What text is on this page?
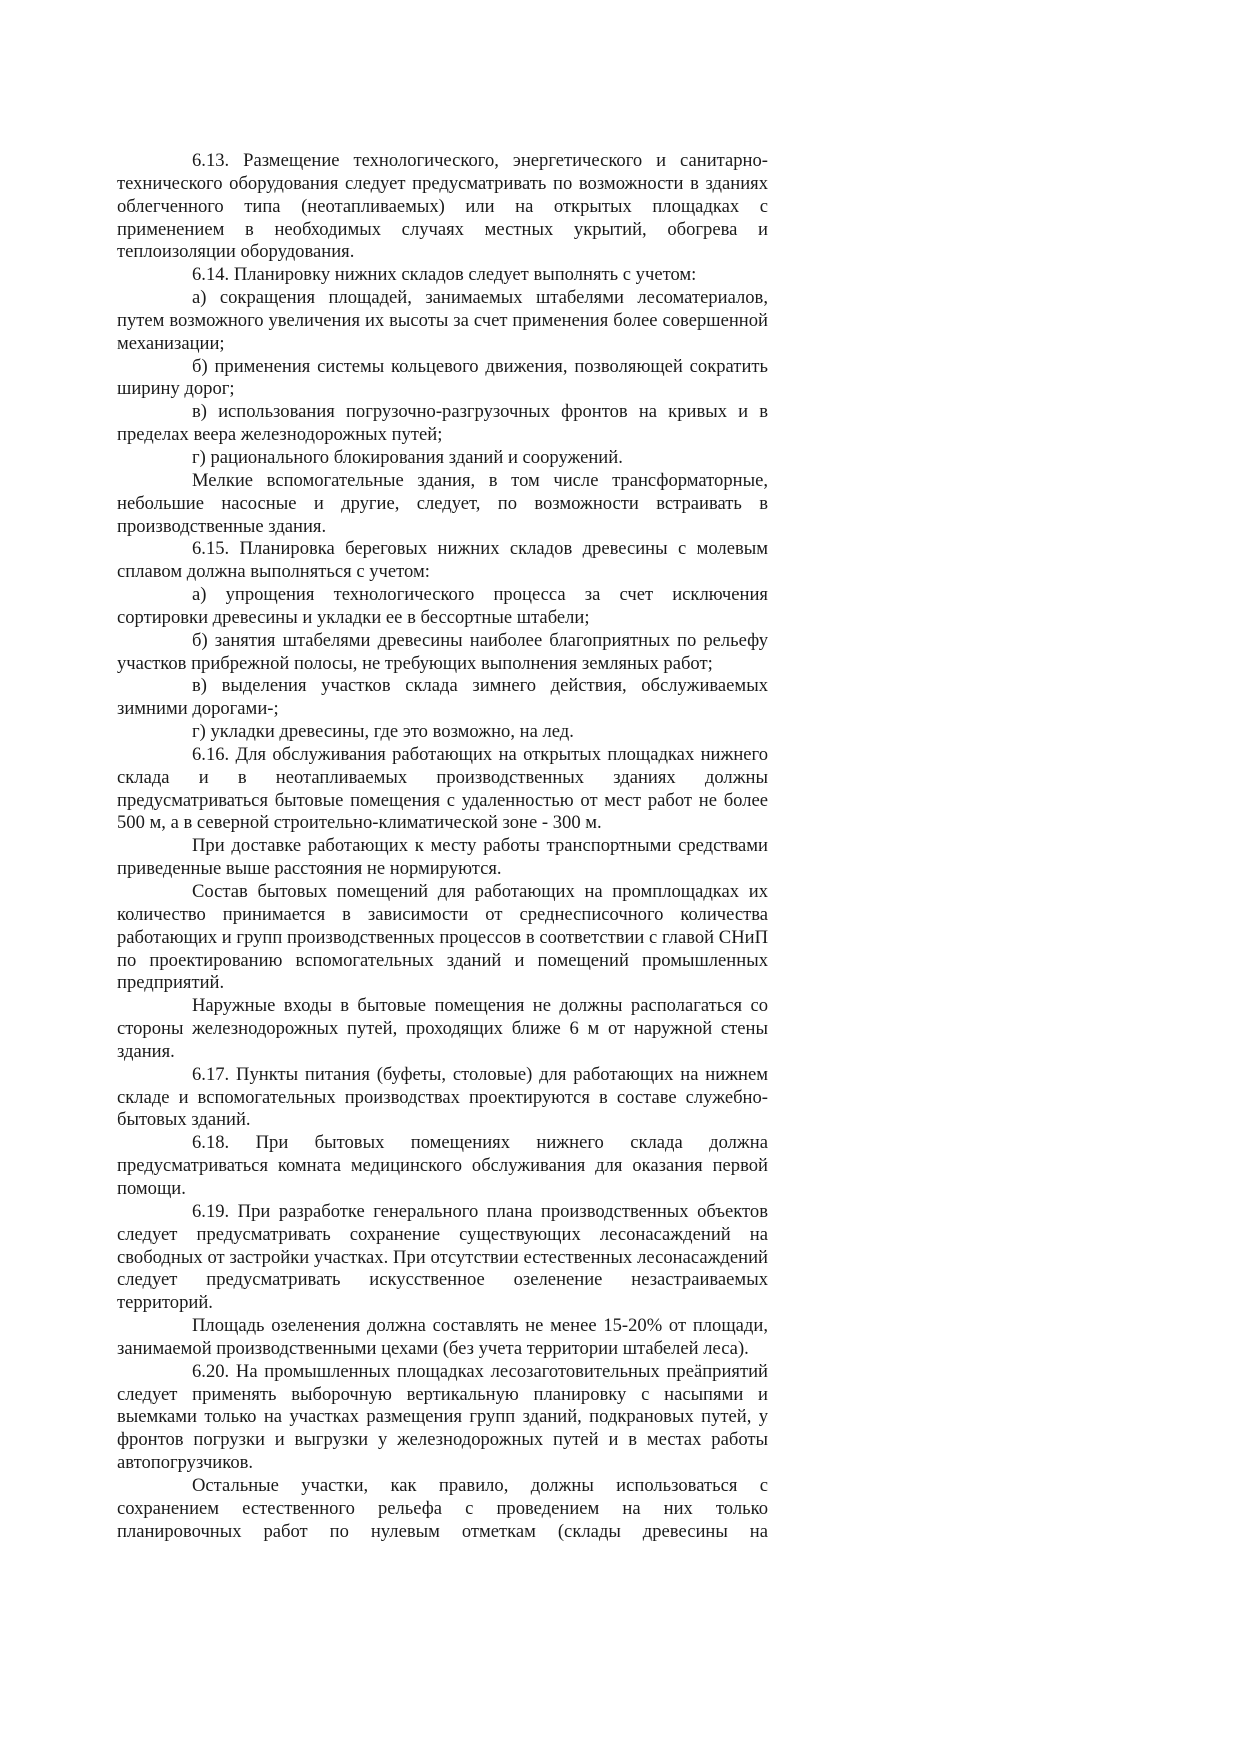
6.13. Размещение технологического, энергетического и санитарно-технического оборудования следует предусматривать по возможности в зданиях облегченного типа (неотапливаемых) или на открытых площадках с применением в необходимых случаях местных укрытий, обогрева и теплоизоляции оборудования.

6.14. Планировку нижних складов следует выполнять с учетом:

а) сокращения площадей, занимаемых штабелями лесоматериалов, путем возможного увеличения их высоты за счет применения более совершенной механизации;

б) применения системы кольцевого движения, позволяющей сократить ширину дорог;

в) использования погрузочно-разгрузочных фронтов на кривых и в пределах веера железнодорожных путей;

г) рационального блокирования зданий и сооружений.

Мелкие вспомогательные здания, в том числе трансформаторные, небольшие насосные и другие, следует, по возможности встраивать в производственные здания.

6.15. Планировка береговых нижних складов древесины с молевым сплавом должна выполняться с учетом:

а) упрощения технологического процесса за счет исключения сортировки древесины и укладки ее в бессортные штабели;

б) занятия штабелями древесины наиболее благоприятных по рельефу участков прибрежной полосы, не требующих выполнения земляных работ;

в) выделения участков склада зимнего действия, обслуживаемых зимними дорогами-;

г) укладки древесины, где это возможно, на лед.

6.16. Для обслуживания работающих на открытых площадках нижнего склада и в неотапливаемых производственных зданиях должны предусматриваться бытовые помещения с удаленностью от мест работ не более 500 м, а в северной строительно-климатической зоне - 300 м.

При доставке работающих к месту работы транспортными средствами приведенные выше расстояния не нормируются.

Состав бытовых помещений для работающих на промплощадках их количество принимается в зависимости от среднесписочного количества работающих и групп производственных процессов в соответствии с главой СНиП по проектированию вспомогательных зданий и помещений промышленных предприятий.

Наружные входы в бытовые помещения не должны располагаться со стороны железнодорожных путей, проходящих ближе 6 м от наружной стены здания.

6.17. Пункты питания (буфеты, столовые) для работающих на нижнем складе и вспомогательных производствах проектируются в составе служебно-бытовых зданий.

6.18. При бытовых помещениях нижнего склада должна предусматриваться комната медицинского обслуживания для оказания первой помощи.

6.19. При разработке генерального плана производственных объектов следует предусматривать сохранение существующих лесонасаждений на свободных от застройки участках. При отсутствии естественных лесонасаждений следует предусматривать искусственное озеленение незастраиваемых территорий.

Площадь озеленения должна составлять не менее 15-20% от площади, занимаемой производственными цехами (без учета территории штабелей леса).

6.20. На промышленных площадках лесозаготовительных преäприятий следует применять выборочную вертикальную планировку с насыпями и выемками только на участках размещения групп зданий, подкрановых путей, у фронтов погрузки и выгрузки у железнодорожных путей и в местах работы автопогрузчиков.

Остальные участки, как правило, должны использоваться с сохранением естественного рельефа с проведением на них только планировочных работ по нулевым отметкам (склады древесины на
